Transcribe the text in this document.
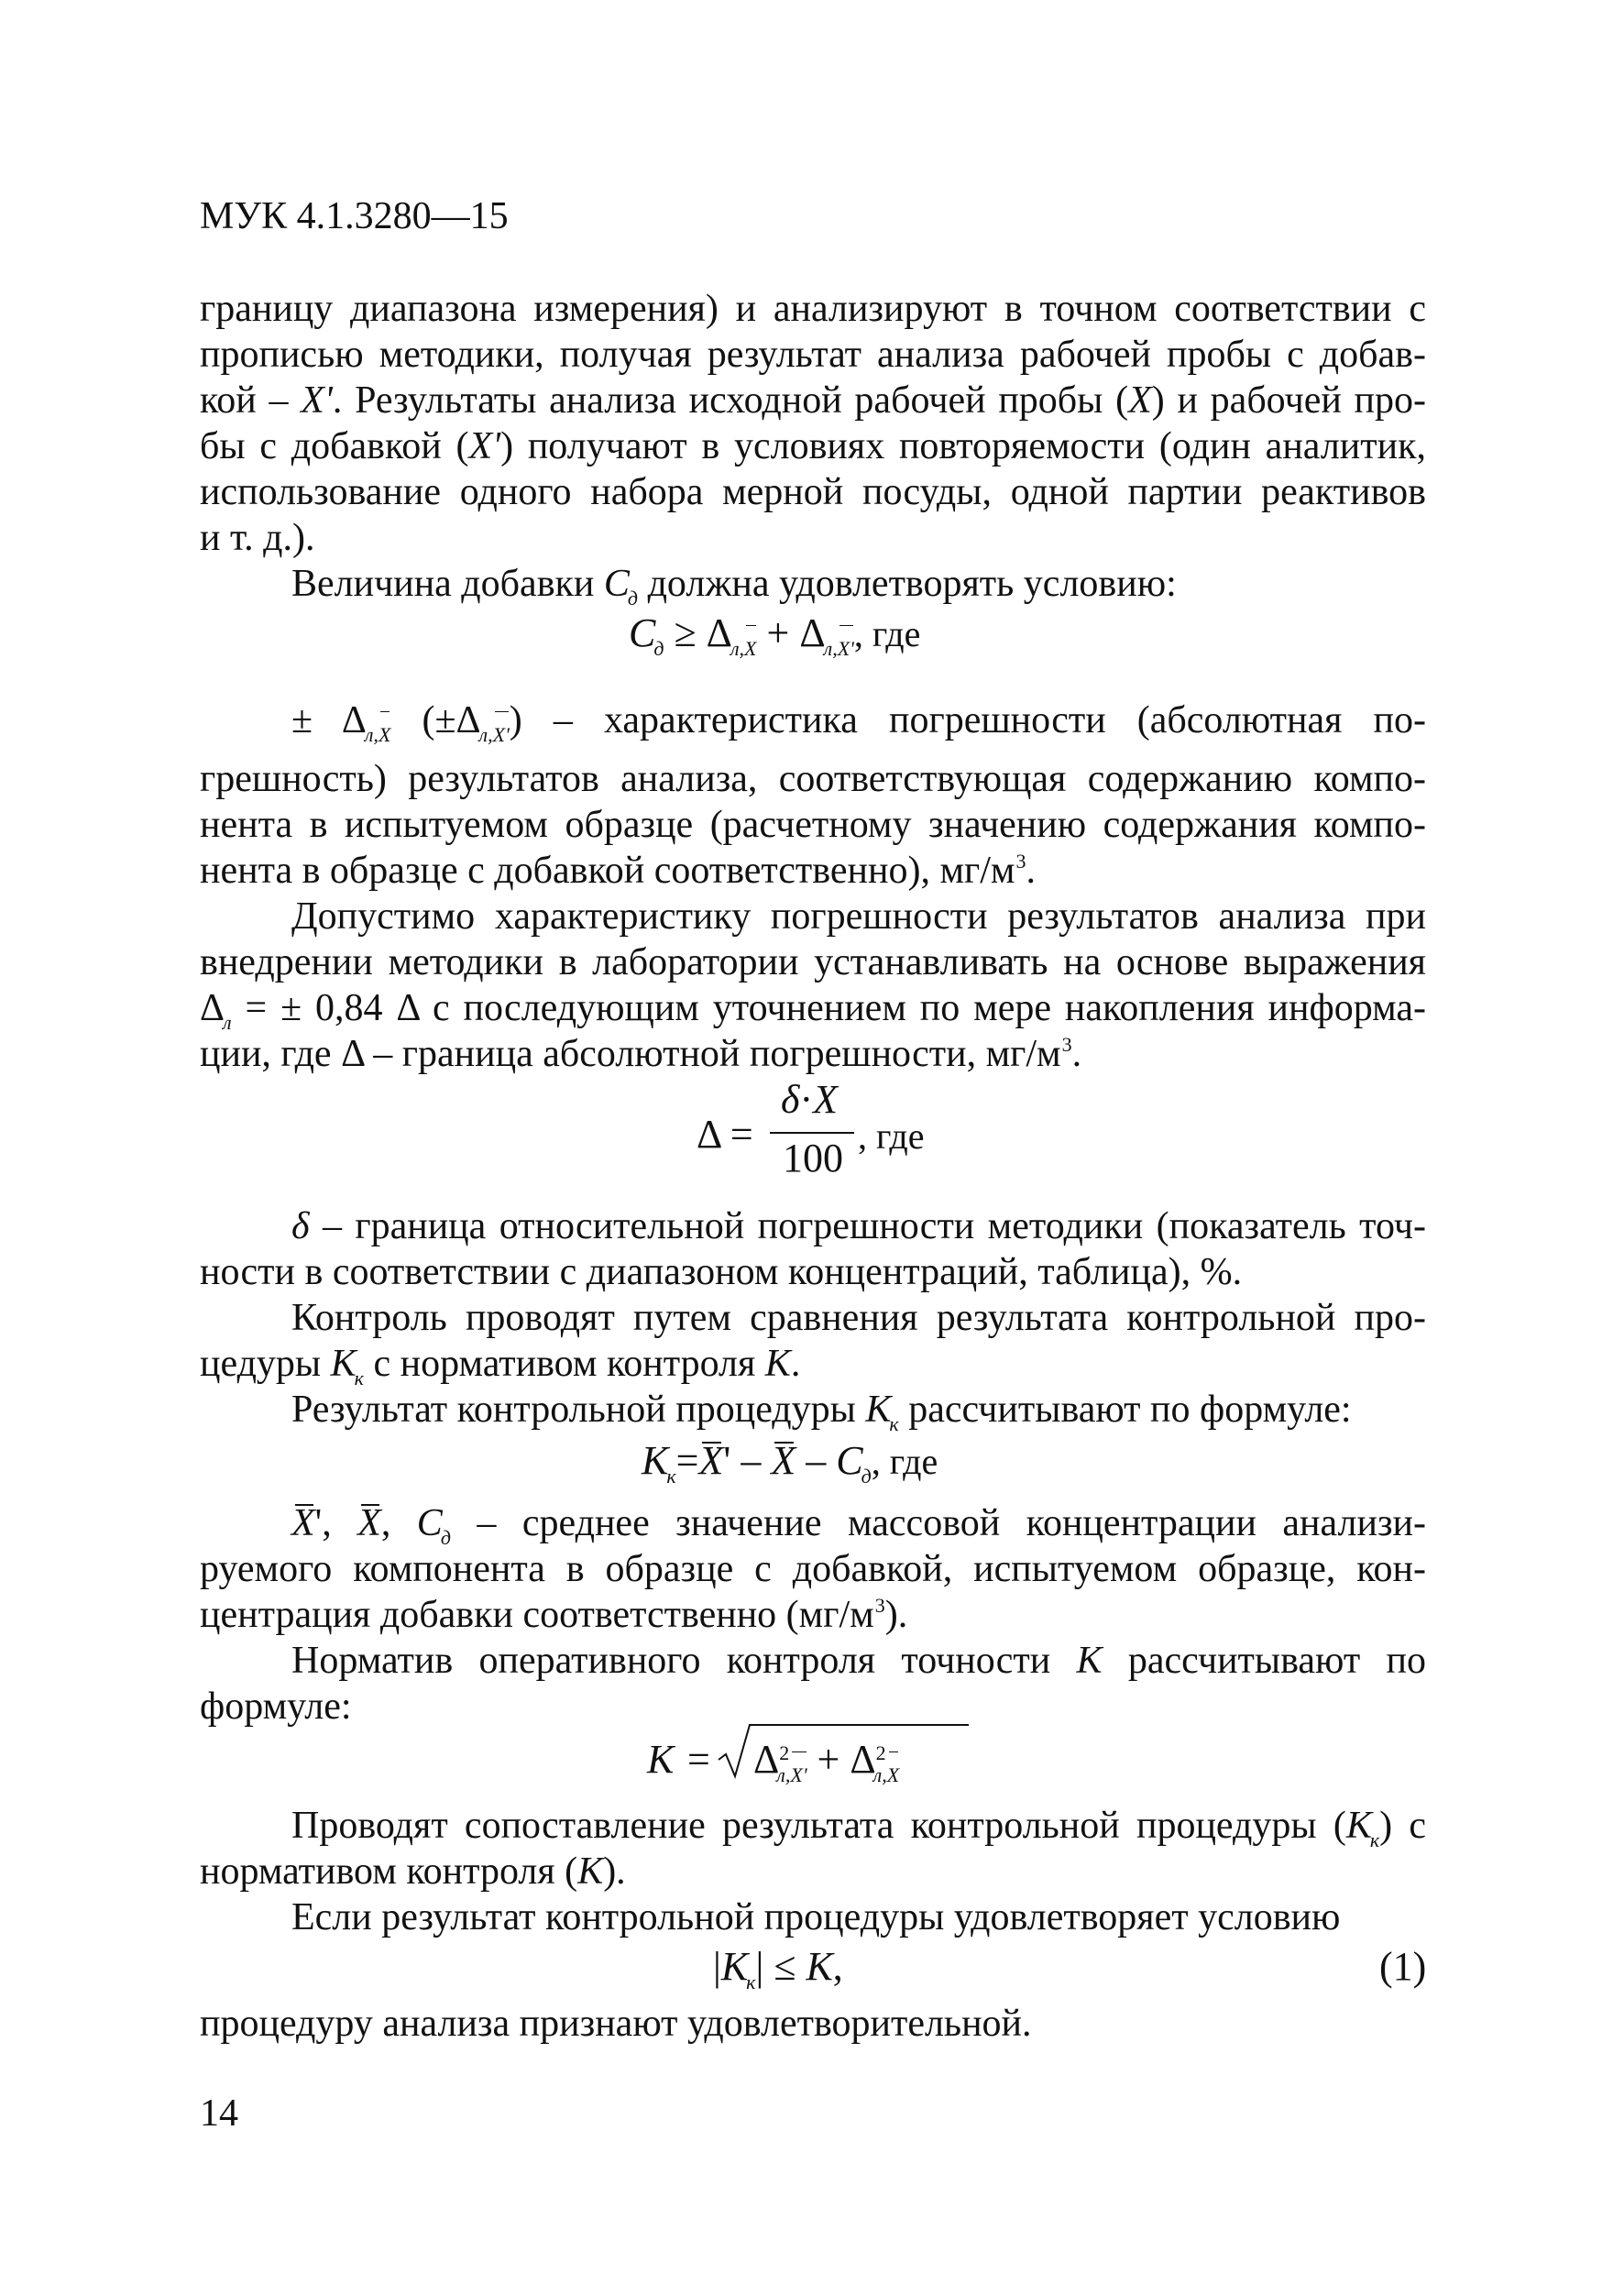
МУК 4.1.3280—15
границу диапазона измерения) и анализируют в точном соответствии с
прописью методики, получая результат анализа рабочей пробы с добав-
кой – X'. Результаты анализа исходной рабочей пробы (X) и рабочей про-
бы с добавкой (X') получают в условиях повторяемости (один аналитик,
использование одного набора мерной посуды, одной партии реактивов
и т. д.).
Величина добавки $C_д$ должна удовлетворять условию:
$C_д \ge \Delta_{л,X} + \Delta_{л,X'}$, где
± $\Delta_{л,X}$ $(\pm\Delta_{л,X'})$ – характеристика погрешности (абсолютная по-
грешность) результатов анализа, соответствующая содержанию компо-
нента в испытуемом образце (расчетному значению содержания компо-
нента в образце с добавкой соответственно), $мг/м^3$.
Допустимо характеристику погрешности результатов анализа при
внедрении методики в лаборатории устанавливать на основе выражения
$\Delta_л$ = ± 0,84 Δ с последующим уточнением по мере накопления информа-
ции, где Δ – граница абсолютной погрешности, $мг/м^3$.
Δ =
δ·X
100 , где
δ – граница относительной погрешности методики (показатель точ-
ности в соответствии с диапазоном концентраций, таблица), %.
Контроль проводят путем сравнения результата контрольной про-
цедуры $K_к$ с нормативом контроля K.
Результат контрольной процедуры $K_к$ рассчитывают по формуле:
$K_к=X' - X - C_д$, где
X', X, $C_д$ – среднее значение массовой концентрации анализи-
руемого компонента в образце с добавкой, испытуемом образце, кон-
центрация добавки соответственно $(мг/м^3)$.
Норматив оперативного контроля точности K рассчитывают по
формуле:
$K = \Delta^2_{л,X'} + \Delta^2_{л,X}$
Проводят сопоставление результата контрольной процедуры $(K_к)$ с
нормативом контроля (K).
Если результат контрольной процедуры удовлетворяет условию
$|K_к| \le K$,	(1)
процедуру анализа признают удовлетворительной.
14
